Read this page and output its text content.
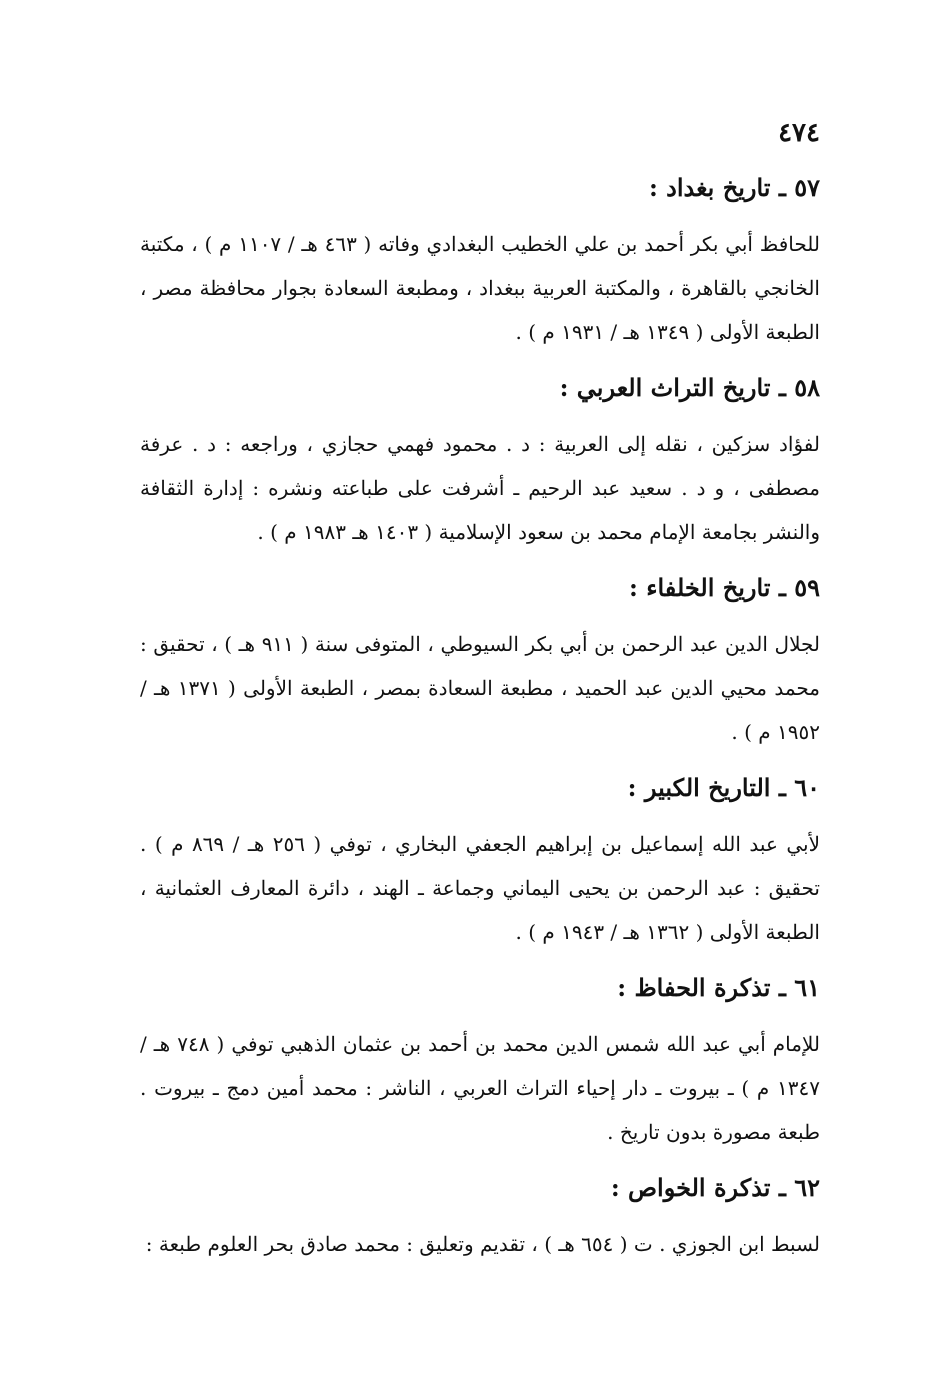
٤٧٤
٥٧ ـ تاريخ بغداد :
للحافظ أبي بكر أحمد بن علي الخطيب البغدادي وفاته ( ٤٦٣ هـ / ١١٠٧ م ) ، مكتبة الخانجي بالقاهرة ، والمكتبة العربية ببغداد ، ومطبعة السعادة بجوار محافظة مصر ، الطبعة الأولى ( ١٣٤٩ هـ / ١٩٣١ م ) .
٥٨ ـ تاريخ التراث العربي :
لفؤاد سزكين ، نقله إلى العربية : د . محمود فهمي حجازي ، وراجعه : د . عرفة مصطفى ، و د . سعيد عبد الرحيم ـ أشرفت على طباعته ونشره : إدارة الثقافة والنشر بجامعة الإمام محمد بن سعود الإسلامية ( ١٤٠٣ هـ ١٩٨٣ م ) .
٥٩ ـ تاريخ الخلفاء :
لجلال الدين عبد الرحمن بن أبي بكر السيوطي ، المتوفى سنة ( ٩١١ هـ ) ، تحقيق : محمد محيي الدين عبد الحميد ، مطبعة السعادة بمصر ، الطبعة الأولى ( ١٣٧١ هـ / ١٩٥٢ م ) .
٦٠ ـ التاريخ الكبير :
لأبي عبد الله إسماعيل بن إبراهيم الجعفي البخاري ، توفي ( ٢٥٦ هـ / ٨٦٩ م ) . تحقيق : عبد الرحمن بن يحيى اليماني وجماعة ـ الهند ، دائرة المعارف العثمانية ، الطبعة الأولى ( ١٣٦٢ هـ / ١٩٤٣ م ) .
٦١ ـ تذكرة الحفاظ :
للإمام أبي عبد الله شمس الدين محمد بن أحمد بن عثمان الذهبي توفي ( ٧٤٨ هـ / ١٣٤٧ م ) ـ بيروت ـ دار إحياء التراث العربي ، الناشر : محمد أمين دمج ـ بيروت . طبعة مصورة بدون تاريخ .
٦٢ ـ تذكرة الخواص :
لسبط ابن الجوزي . ت ( ٦٥٤ هـ ) ، تقديم وتعليق : محمد صادق بحر العلوم طبعة :
